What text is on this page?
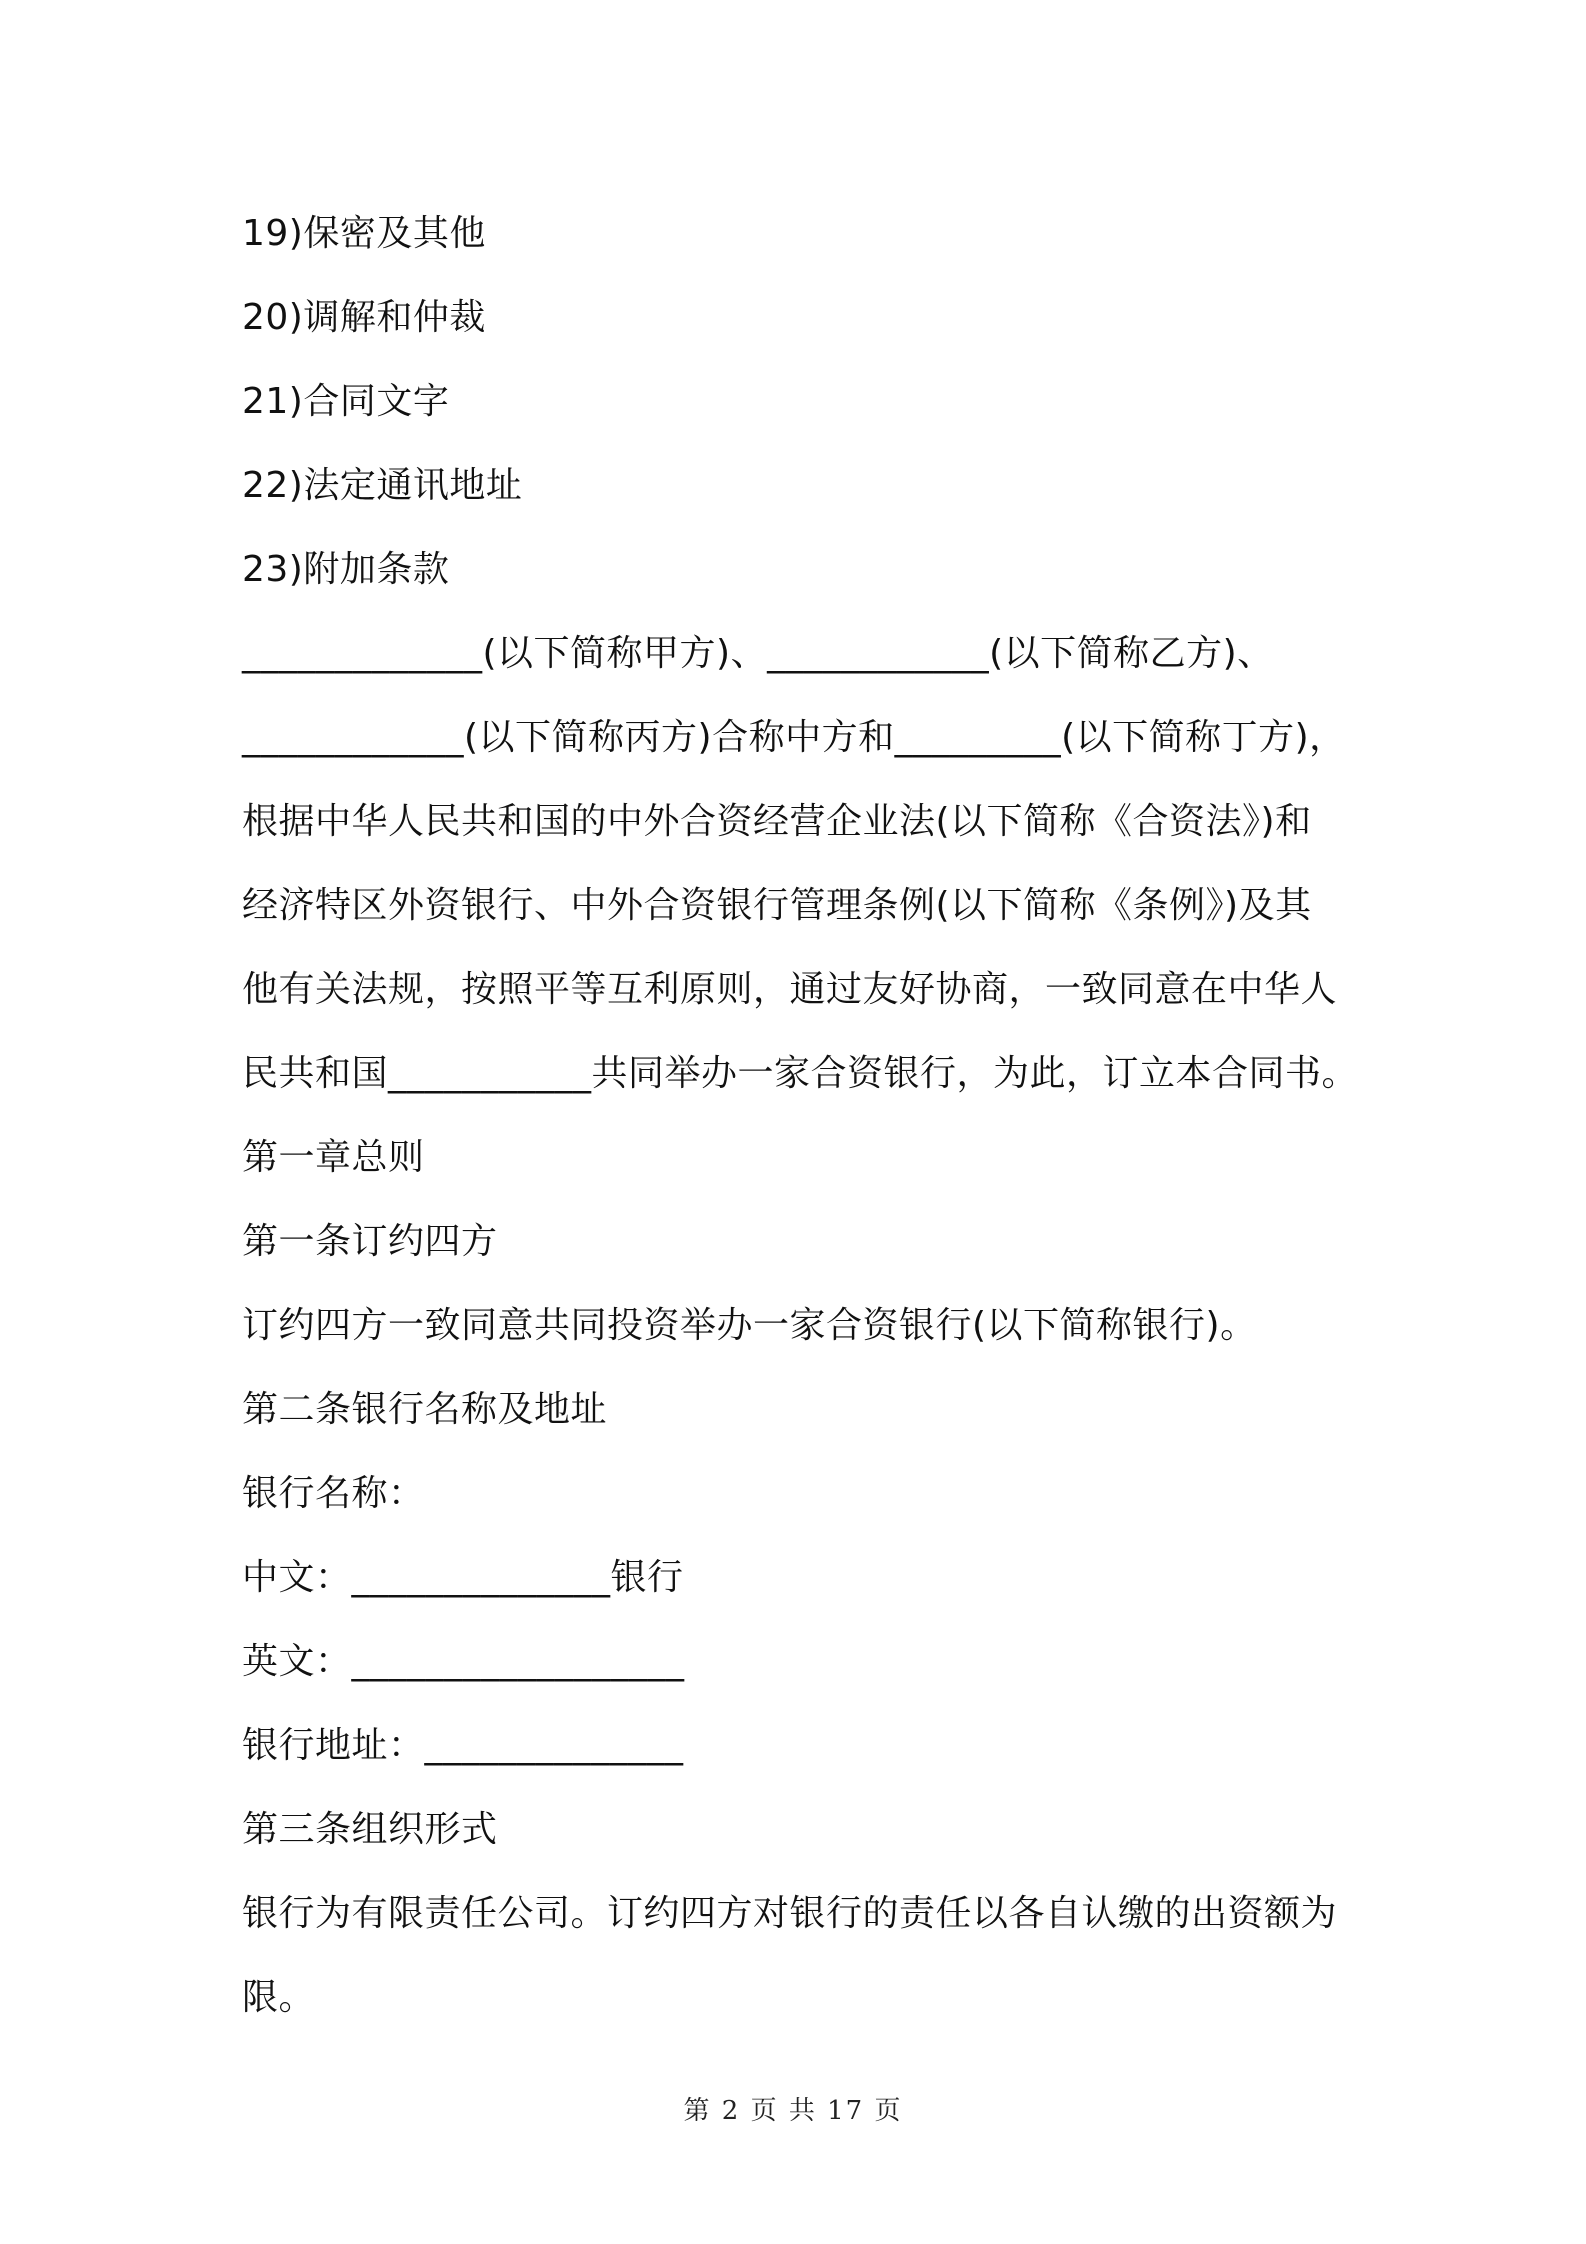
19)保密及其他
20)调解和仲裁
21)合同文字
22)法定通讯地址
23)附加条款
_____________(以下简称甲方)、____________(以下简称乙方)、
____________(以下简称丙方)合称中方和_________(以下简称丁方)，
根据中华人民共和国的中外合资经营企业法(以下简称《合资法》)和
经济特区外资银行、中外合资银行管理条例(以下简称《条例》)及其
他有关法规，按照平等互利原则，通过友好协商，一致同意在中华人
民共和国___________共同举办一家合资银行，为此，订立本合同书。
第一章总则
第一条订约四方
订约四方一致同意共同投资举办一家合资银行(以下简称银行)。
第二条银行名称及地址
银行名称：
中文：______________银行
英文：__________________
银行地址：______________
第三条组织形式
银行为有限责任公司。订约四方对银行的责任以各自认缴的出资额为
限。
第 2 页 共 17 页
